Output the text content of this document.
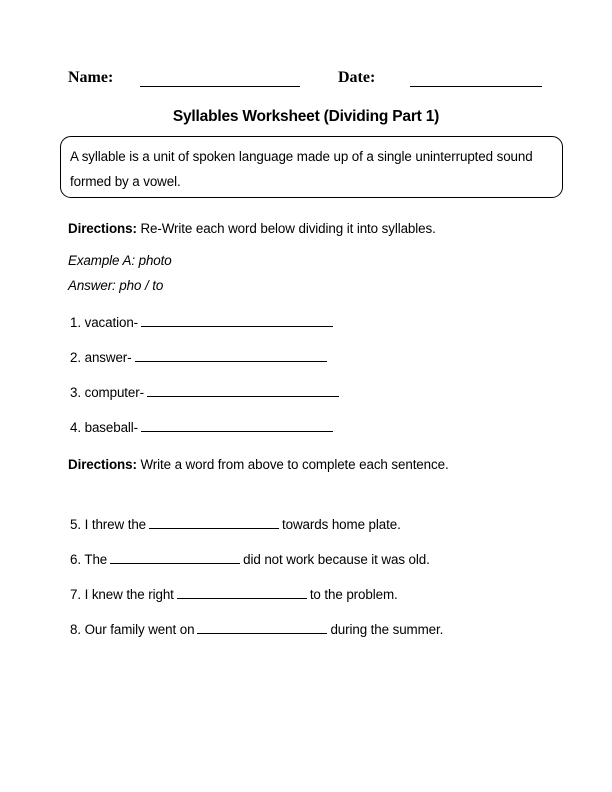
Name:	Date:
Syllables Worksheet (Dividing Part 1)
A syllable is a unit of spoken language made up of a single uninterrupted sound formed by a vowel.
Directions: Re-Write each word below dividing it into syllables.
Example A: photo
Answer: pho / to
1. vacation-
2. answer-
3. computer-
4. baseball-
Directions: Write a word from above to complete each sentence.
5. I threw the	towards home plate.
6. The	did not work because it was old.
7. I knew the right	to the problem.
8. Our family went on	during the summer.
